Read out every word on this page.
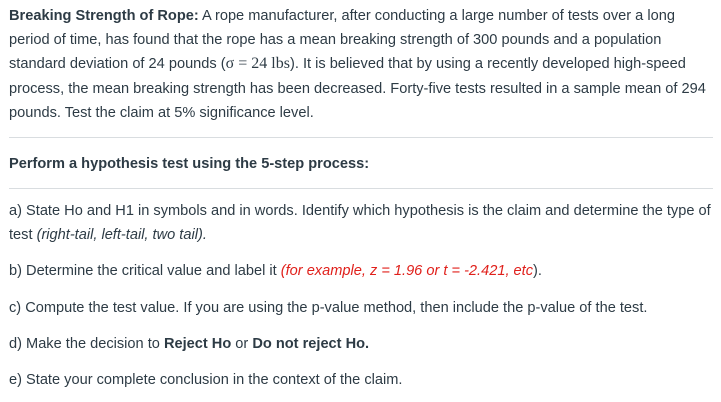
Breaking Strength of Rope: A rope manufacturer, after conducting a large number of tests over a long period of time, has found that the rope has a mean breaking strength of 300 pounds and a population standard deviation of 24 pounds (σ = 24 lbs). It is believed that by using a recently developed high-speed process, the mean breaking strength has been decreased. Forty-five tests resulted in a sample mean of 294 pounds. Test the claim at 5% significance level.

Perform a hypothesis test using the 5-step process:

a) State Ho and H1 in symbols and in words. Identify which hypothesis is the claim and determine the type of test (right-tail, left-tail, two tail).

b) Determine the critical value and label it (for example, z = 1.96 or t = -2.421, etc).

c) Compute the test value. If you are using the p-value method, then include the p-value of the test.

d) Make the decision to Reject Ho or Do not reject Ho.

e) State your complete conclusion in the context of the claim.
